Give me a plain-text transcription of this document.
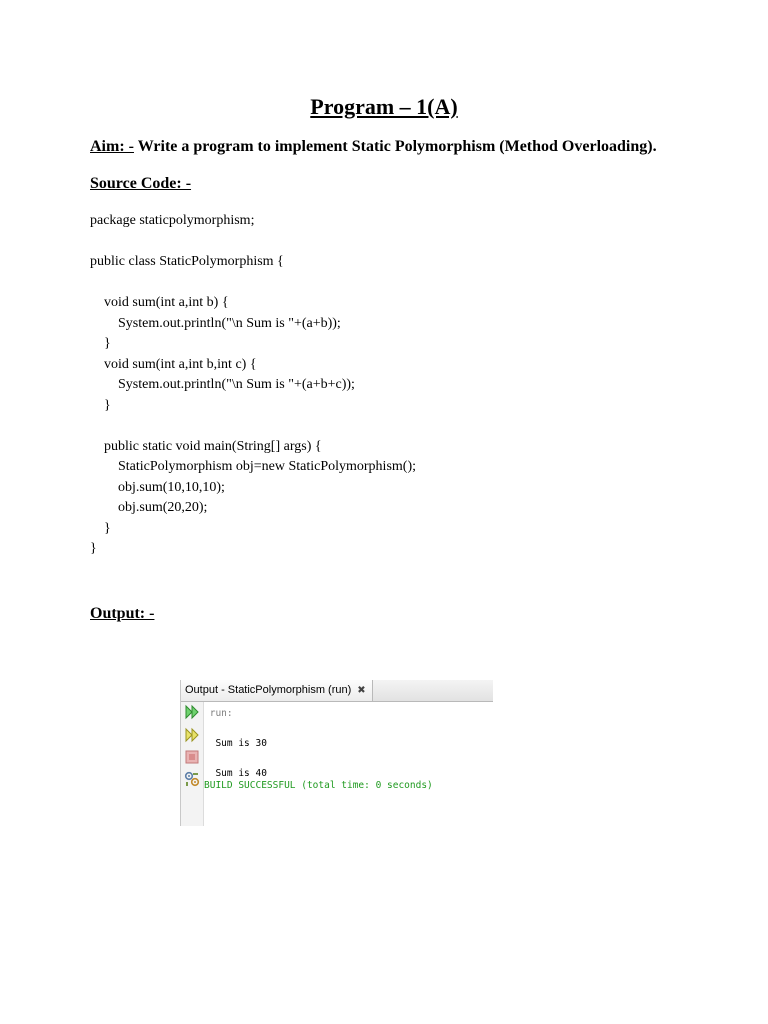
Program – 1(A)
Aim: - Write a program to implement Static Polymorphism (Method Overloading).
Source Code: -
package staticpolymorphism;
public class StaticPolymorphism {
void sum(int a,int b) {
System.out.println("\n Sum is "+(a+b));
}
void sum(int a,int b,int c) {
System.out.println("\n Sum is "+(a+b+c));
}
public static void main(String[] args) {
StaticPolymorphism obj=new StaticPolymorphism();
obj.sum(10,10,10);
obj.sum(20,20);
}
}
Output: -
Output - StaticPolymorphism (run) ✖
run:
Sum is 30
Sum is 40
BUILD SUCCESSFUL (total time: 0 seconds)
